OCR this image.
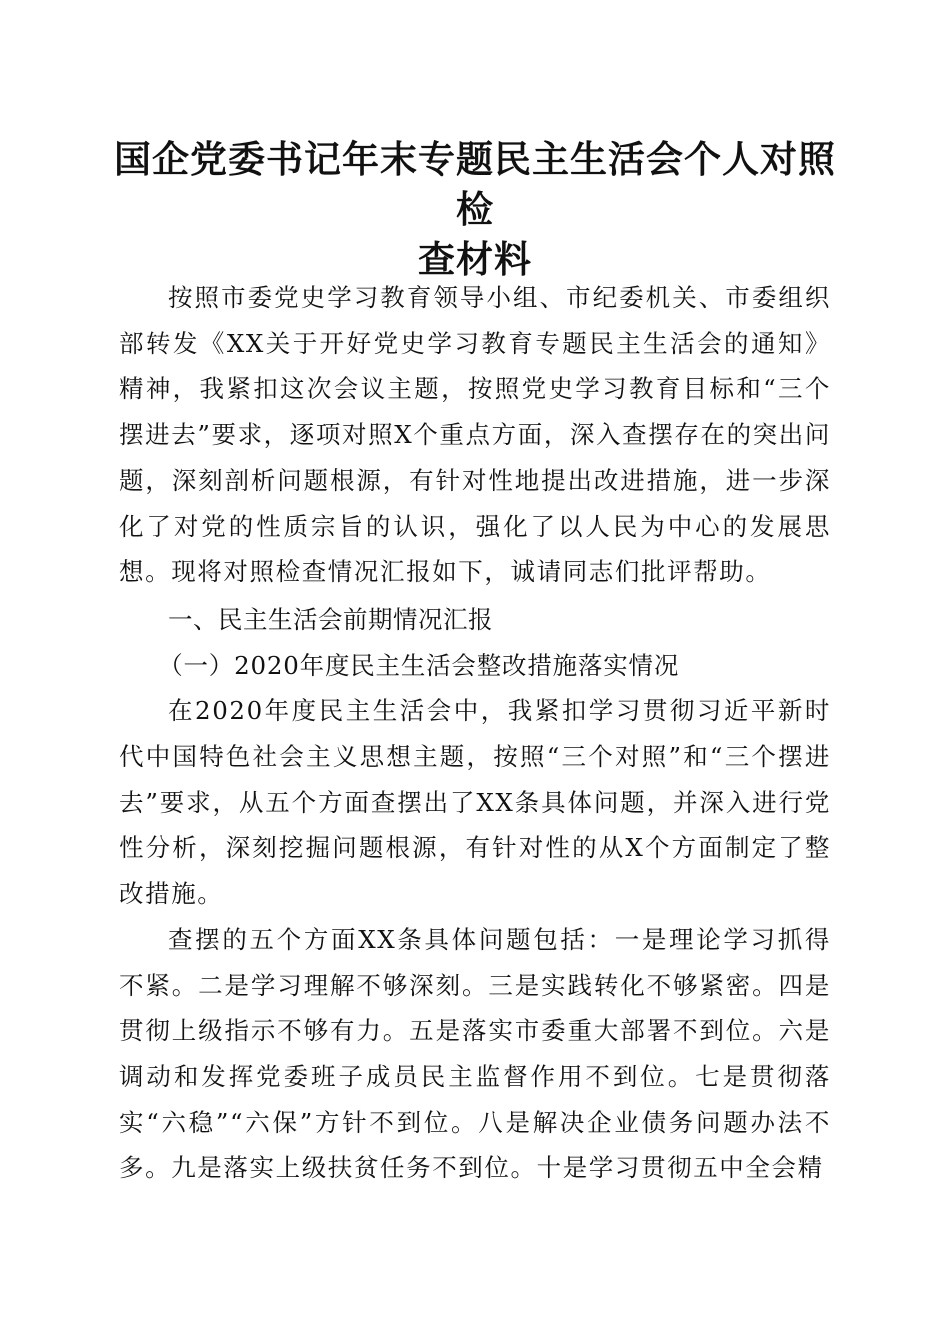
国企党委书记年末专题民主生活会个人对照检
查材料

按照市委党史学习教育领导小组、市纪委机关、市委组织部转发《XX关于开好党史学习教育专题民主生活会的通知》精神，我紧扣这次会议主题，按照党史学习教育目标和“三个摆进去”要求，逐项对照X个重点方面，深入查摆存在的突出问题，深刻剖析问题根源，有针对性地提出改进措施，进一步深化了对党的性质宗旨的认识，强化了以人民为中心的发展思想。现将对照检查情况汇报如下，诚请同志们批评帮助。

一、民主生活会前期情况汇报

（一）2020年度民主生活会整改措施落实情况

在2020年度民主生活会中，我紧扣学习贯彻习近平新时代中国特色社会主义思想主题，按照“三个对照”和“三个摆进去”要求，从五个方面查摆出了XX条具体问题，并深入进行党性分析，深刻挖掘问题根源，有针对性的从X个方面制定了整改措施。

查摆的五个方面XX条具体问题包括：一是理论学习抓得不紧。二是学习理解不够深刻。三是实践转化不够紧密。四是贯彻上级指示不够有力。五是落实市委重大部署不到位。六是调动和发挥党委班子成员民主监督作用不到位。七是贯彻落实“六稳”“六保”方针不到位。八是解决企业债务问题办法不多。九是落实上级扶贫任务不到位。十是学习贯彻五中全会精
